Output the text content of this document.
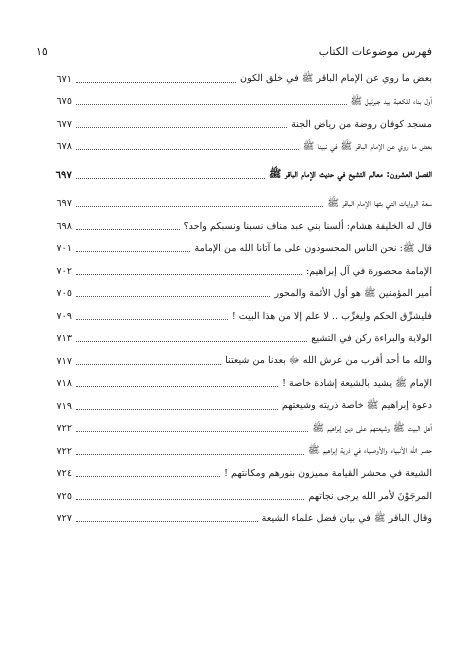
فهرس موضوعات الكتاب
١٥
بعض ما روي عن الإمام الباقر ﷺ في خلق الكون
٦٧١
أول بناء للكعبة بيد جبرئيل ﷺ
٦٧٥
مسجد كوفان روضة من رياض الجنة
٦٧٧
بعض ما روي عن الإمام الباقر ﷺ في نبينا ﷺ
٦٧٨
الفصل العشرون: معالم التشيع في حديث الإمام الباقر ﷺ
٦٩٧
سعة الروايات التي بثها الإمام الباقر ﷺ
٦٩٧
قال له الخليفة هشام: ألسنا بني عبد مناف نسبنا ونسبكم واحد؟
٦٩٨
قال ﷺ: نحن الناس المحسودون على ما آتانا الله من الإمامة
٧٠١
الإمامة محصورة في آل إبراهيم:
٧٠٢
أمير المؤمنين ﷺ هو أول الأئمة والمحور
٧٠٥
فليشرِّق الحكم وليغرِّب .. لا علم إلا من هذا البيت !
٧٠٩
الولاية والبراءة ركن في التشيع
٧١٣
والله ما أحد أقرب من عرش الله ﷻ بعدنا من شيعتنا
٧١٧
الإمام ﷺ يشيد بالشيعة إشادة خاصة !
٧١٨
دعوة إبراهيم ﷺ خاصة ذريته وشيعتهم
٧١٩
أهل البيت ﷺ وشيعتهم على دين إبراهيم ﷺ
٧٢٢
حصر الله الأنبياء والأوصياء في ذرية إبراهيم ﷺ
٧٢٢
الشيعة في محشر القيامة مميزون بنورهم ومكانتهم !
٧٢٤
المرجَوْنَ لأمر الله يرجى نجاتهم
٧٢٥
وقال الباقر ﷺ في بيان فضل علماء الشيعة
٧٢٧
